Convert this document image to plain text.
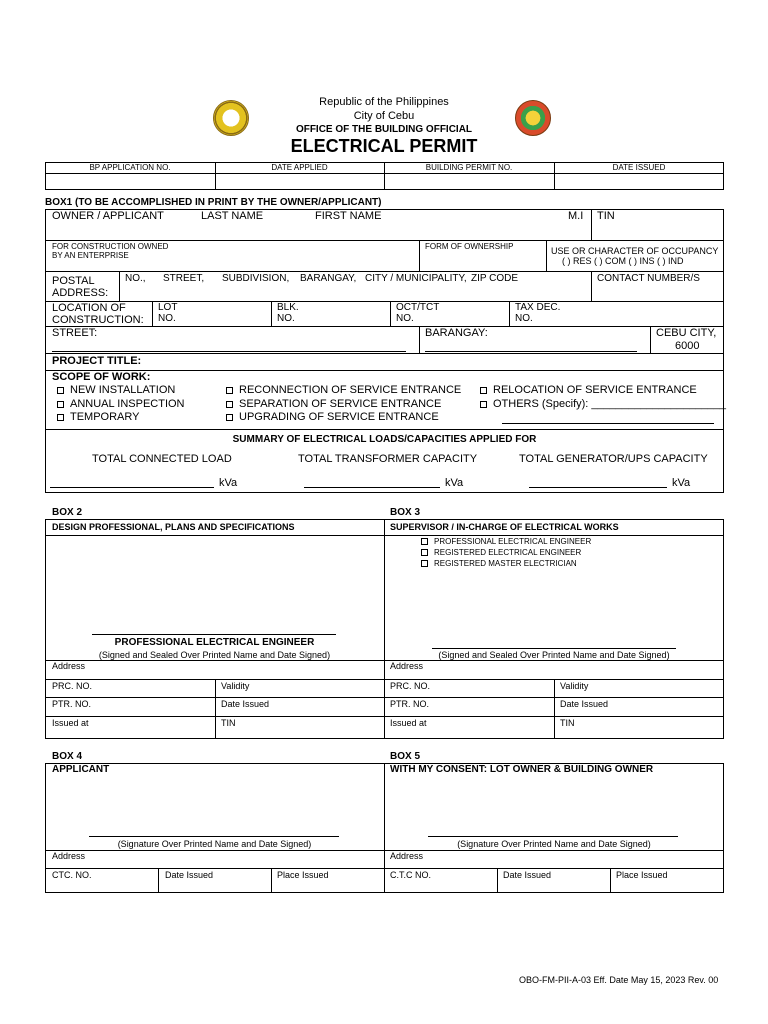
Republic of the Philippines
City of Cebu
OFFICE OF THE BUILDING OFFICIAL
ELECTRICAL PERMIT
BP APPLICATION NO.	DATE APPLIED	BUILDING PERMIT NO.	DATE ISSUED
BOX1 (TO BE ACCOMPLISHED IN PRINT BY THE OWNER/APPLICANT)
OWNER / APPLICANT	LAST NAME	FIRST NAME	M.I TIN
FOR CONSTRUCTION OWNED
BY AN ENTERPRISE
FORM OF OWNERSHIP	USE OR CHARACTER OF OCCUPANCY
( ) RES ( ) COM ( ) INS ( ) IND
POSTAL
ADDRESS:
NO., STREET, SUBDIVISION, BARANGAY, CITY / MUNICIPALITY, ZIP CODE	CONTACT NUMBER/S
LOCATION OF
CONSTRUCTION:
LOT
NO.
BLK.
NO.
OCT/TCT
NO.
TAX DEC.
NO.
STREET:	BARANGAY:	CEBU CITY,
6000
PROJECT TITLE:
SCOPE OF WORK:
NEW INSTALLATION
ANNUAL INSPECTION
TEMPORARY
RECONNECTION OF SERVICE ENTRANCE
SEPARATION OF SERVICE ENTRANCE
UPGRADING OF SERVICE ENTRANCE
RELOCATION OF SERVICE ENTRANCE
OTHERS (Specify): ______________________
SUMMARY OF ELECTRICAL LOADS/CAPACITIES APPLIED FOR
TOTAL CONNECTED LOAD	TOTAL TRANSFORMER CAPACITY	TOTAL GENERATOR/UPS CAPACITY
kVa	kVa	kVa
BOX 2	BOX 3
DESIGN PROFESSIONAL, PLANS AND SPECIFICATIONS	SUPERVISOR / IN-CHARGE OF ELECTRICAL WORKS
PROFESSIONAL ELECTRICAL ENGINEER
REGISTERED ELECTRICAL ENGINEER
REGISTERED MASTER ELECTRICIAN
PROFESSIONAL ELECTRICAL ENGINEER
(Signed and Sealed Over Printed Name and Date Signed)	(Signed and Sealed Over Printed Name and Date Signed)
Address	Address
PRC. NO.	Validity	PRC. NO.	Validity
PTR. NO.	Date Issued	PTR. NO.	Date Issued
Issued at	TIN	Issued at	TIN
BOX 4	BOX 5
APPLICANT	WITH MY CONSENT: LOT OWNER & BUILDING OWNER
(Signature Over Printed Name and Date Signed)	(Signature Over Printed Name and Date Signed)
Address	Address
CTC. NO.	Date Issued	Place Issued	C.T.C NO.	Date Issued	Place Issued
OBO-FM-PII-A-03 Eff. Date May 15, 2023 Rev. 00
